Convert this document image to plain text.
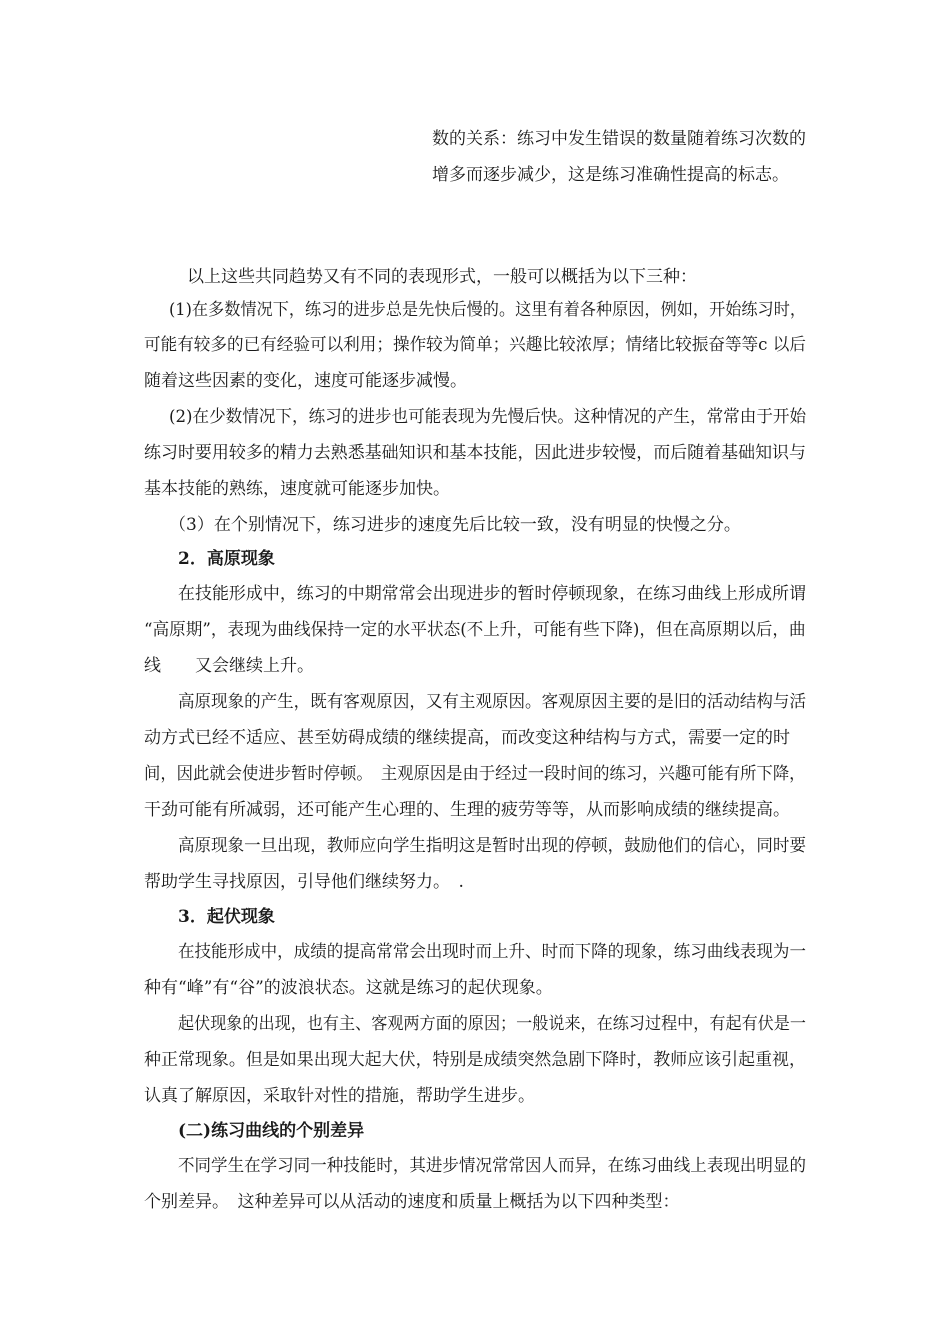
数的关系：练习中发生错误的数量随着练习次数的
增多而逐步减少，这是练习准确性提高的标志。
以上这些共同趋势又有不同的表现形式，一般可以概括为以下三种：
(1)在多数情况下，练习的进步总是先快后慢的。这里有着各种原因，例如，开始练习时，
可能有较多的已有经验可以利用；操作较为简单；兴趣比较浓厚；情绪比较振奋等等c 以后
随着这些因素的变化，速度可能逐步减慢。
(2)在少数情况下，练习的进步也可能表现为先慢后快。这种情况的产生，常常由于开始
练习时要用较多的精力去熟悉基础知识和基本技能，因此进步较慢，而后随着基础知识与
基本技能的熟练，速度就可能逐步加快。
（3）在个别情况下，练习进步的速度先后比较一致，没有明显的快慢之分。
2．高原现象
在技能形成中，练习的中期常常会出现进步的暂时停顿现象，在练习曲线上形成所谓
“高原期”，表现为曲线保持一定的水平状态(不上升，可能有些下降)，但在高原期以后，曲
线　　又会继续上升。
高原现象的产生，既有客观原因，又有主观原因。客观原因主要的是旧的活动结构与活
动方式已经不适应、甚至妨碍成绩的继续提高，而改变这种结构与方式，需要一定的时
间，因此就会使进步暂时停顿。　主观原因是由于经过一段时间的练习，兴趣可能有所下降，
干劲可能有所减弱，还可能产生心理的、生理的疲劳等等，从而影响成绩的继续提高。
高原现象一旦出现，教师应向学生指明这是暂时出现的停顿，鼓励他们的信心，同时要
帮助学生寻找原因，引导他们继续努力。　.
3．起伏现象
在技能形成中，成绩的提高常常会出现时而上升、时而下降的现象，练习曲线表现为一
种有“峰”有“谷”的波浪状态。这就是练习的起伏现象。
起伏现象的出现，也有主、客观两方面的原因；一般说来，在练习过程中，有起有伏是一
种正常现象。但是如果出现大起大伏，特别是成绩突然急剧下降时，教师应该引起重视，
认真了解原因，采取针对性的措施，帮助学生进步。
(二)练习曲线的个别差异
不同学生在学习同一种技能时，其进步情况常常因人而异，在练习曲线上表现出明显的
个别差异。　这种差异可以从活动的速度和质量上概括为以下四种类型：
